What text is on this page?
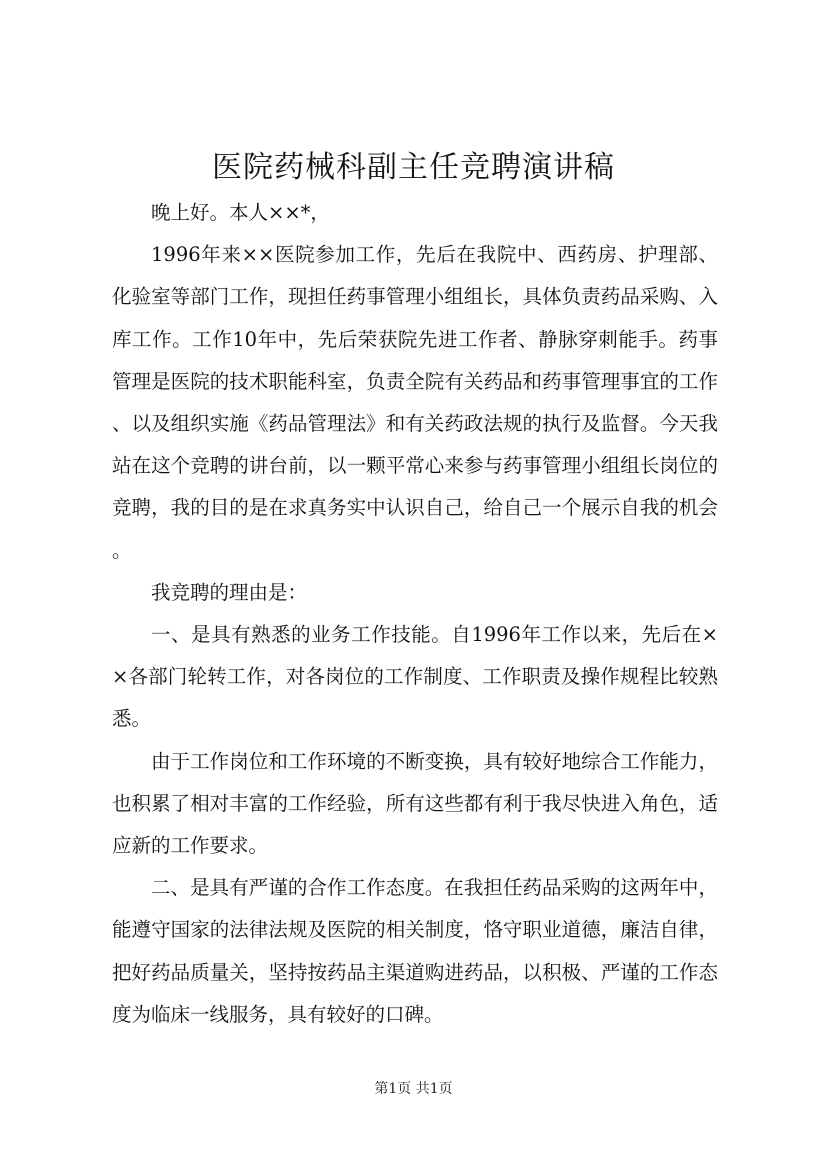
医院药械科副主任竞聘演讲稿

晚上好。本人××*，

1996年来××医院参加工作，先后在我院中、西药房、护理部、化验室等部门工作，现担任药事管理小组组长，具体负责药品采购、入库工作。工作10年中，先后荣获院先进工作者、静脉穿刺能手。药事管理是医院的技术职能科室，负责全院有关药品和药事管理事宜的工作、以及组织实施《药品管理法》和有关药政法规的执行及监督。今天我站在这个竞聘的讲台前，以一颗平常心来参与药事管理小组组长岗位的竞聘，我的目的是在求真务实中认识自己，给自己一个展示自我的机会。

我竞聘的理由是：

一、是具有熟悉的业务工作技能。自1996年工作以来，先后在××各部门轮转工作，对各岗位的工作制度、工作职责及操作规程比较熟悉。

由于工作岗位和工作环境的不断变换，具有较好地综合工作能力，也积累了相对丰富的工作经验，所有这些都有利于我尽快进入角色，适应新的工作要求。

二、是具有严谨的合作工作态度。在我担任药品采购的这两年中，能遵守国家的法律法规及医院的相关制度，恪守职业道德，廉洁自律，把好药品质量关，坚持按药品主渠道购进药品，以积极、严谨的工作态度为临床一线服务，具有较好的口碑。

第1页 共1页
